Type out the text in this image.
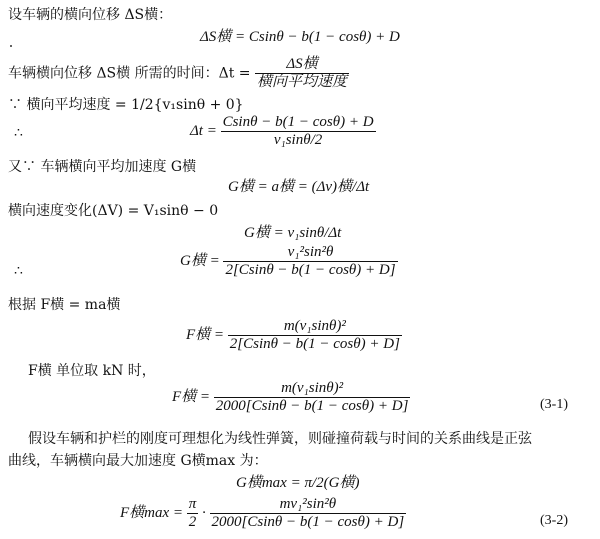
设车辆的横向位移 ΔS横：
ΔS横 = Csinθ − b(1 − cosθ) + D
车辆横向位移 ΔS横 所需的时间：$\Delta t = \frac{\text{ΔS横}}{\text{横向平均速度}}$
∵ 横向平均速度 = 1/2{v₁sinθ + 0}
∴	$\Delta t = \frac{Csin\theta - b(1 - \cos\theta) + D}{\text{v₁sinθ/2}}$
又∵ 车辆横向平均加速度 G横
G横 = a横 = (Δv)横/Δt
横向速度变化(ΔV) = V₁sinθ − 0
G横 = v₁sinθ/Δt
∴
G横 = $\frac{\text{v₁²sin²θ}}{2[Csin\theta - b(1 - \cos\theta) + D]}$
根据 F横 = ma横
F横 = $\frac{\text{m(v₁sinθ)²}}{2[Csin\theta - b(1 - \cos\theta) + D]}$
F横 单位取 kN 时，
F横 = $\frac{\text{m(v₁sinθ)²}}{2000[Csin\theta - b(1 - \cos\theta) + D]}$	(3-1)
假设车辆和护栏的刚度可理想化为线性弹簧，则碰撞荷载与时间的关系曲线是正弦
曲线，车辆横向最大加速度 G横max 为：
G横max = π/2(G横)
F横$\max = \frac{\pi}{2} \cdot \frac{\text{mv₁²sin²θ}}{2000[Csin\theta - b(1 - \cos\theta) + D]}$	(3-2)
